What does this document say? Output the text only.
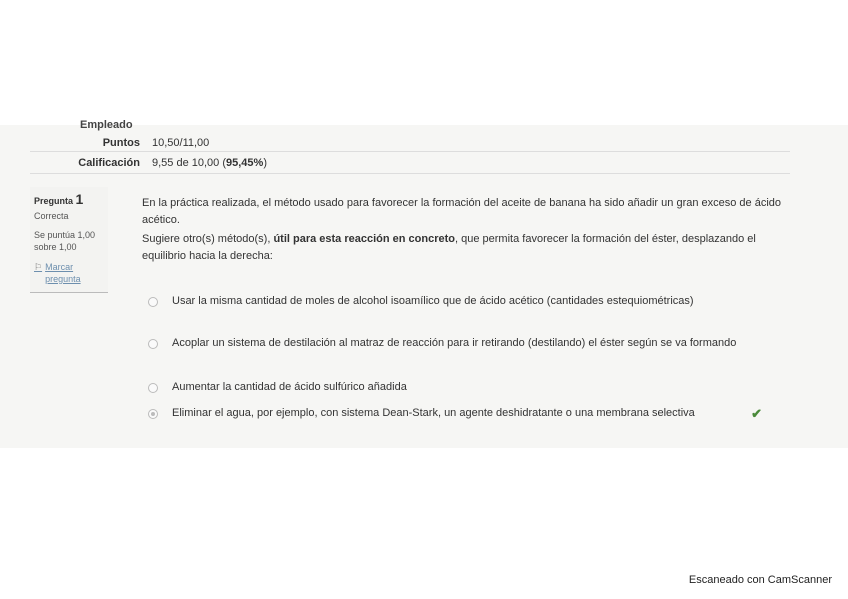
Empleado
Puntos 10,50/11,00
Calificación 9,55 de 10,00 (95,45%)
Pregunta 1
Correcta
Se puntúa 1,00 sobre 1,00
⚐ Marcar pregunta

En la práctica realizada, el método usado para favorecer la formación del aceite de banana ha sido añadir un gran exceso de ácido acético.

Sugiere otro(s) método(s), útil para esta reacción en concreto, que permita favorecer la formación del éster, desplazando el equilibrio hacia la derecha:

Usar la misma cantidad de moles de alcohol isoamílico que de ácido acético (cantidades estequiométricas)
Acoplar un sistema de destilación al matraz de reacción para ir retirando (destilando) el éster según se va formando
Aumentar la cantidad de ácido sulfúrico añadida
Eliminar el agua, por ejemplo, con sistema Dean-Stark, un agente deshidratante o una membrana selectiva	✔
Escaneado con CamScanner
